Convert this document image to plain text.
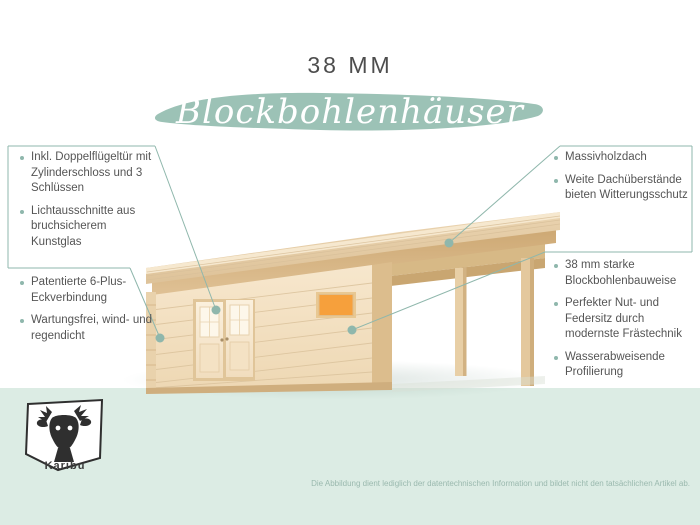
38 MM
Blockbohlenhäuser
Inkl. Doppelflügeltür mit Zylinderschloss und 3 Schlüssen
Lichtausschnitte aus bruchsicherem Kunstglas
Patentierte 6-Plus-Eckverbindung
Wartungsfrei, wind- und regendicht
Massivholzdach
Weite Dachüberstände bieten Witterungsschutz
38 mm starke Blockbohlenbauweise
Perfekter Nut- und Federsitz durch modernste Frästechnik
Wasserabweisende Profilierung
Karibu
Die Abbildung dient lediglich der datentechnischen Information und bildet nicht den tatsächlichen Artikel ab.
